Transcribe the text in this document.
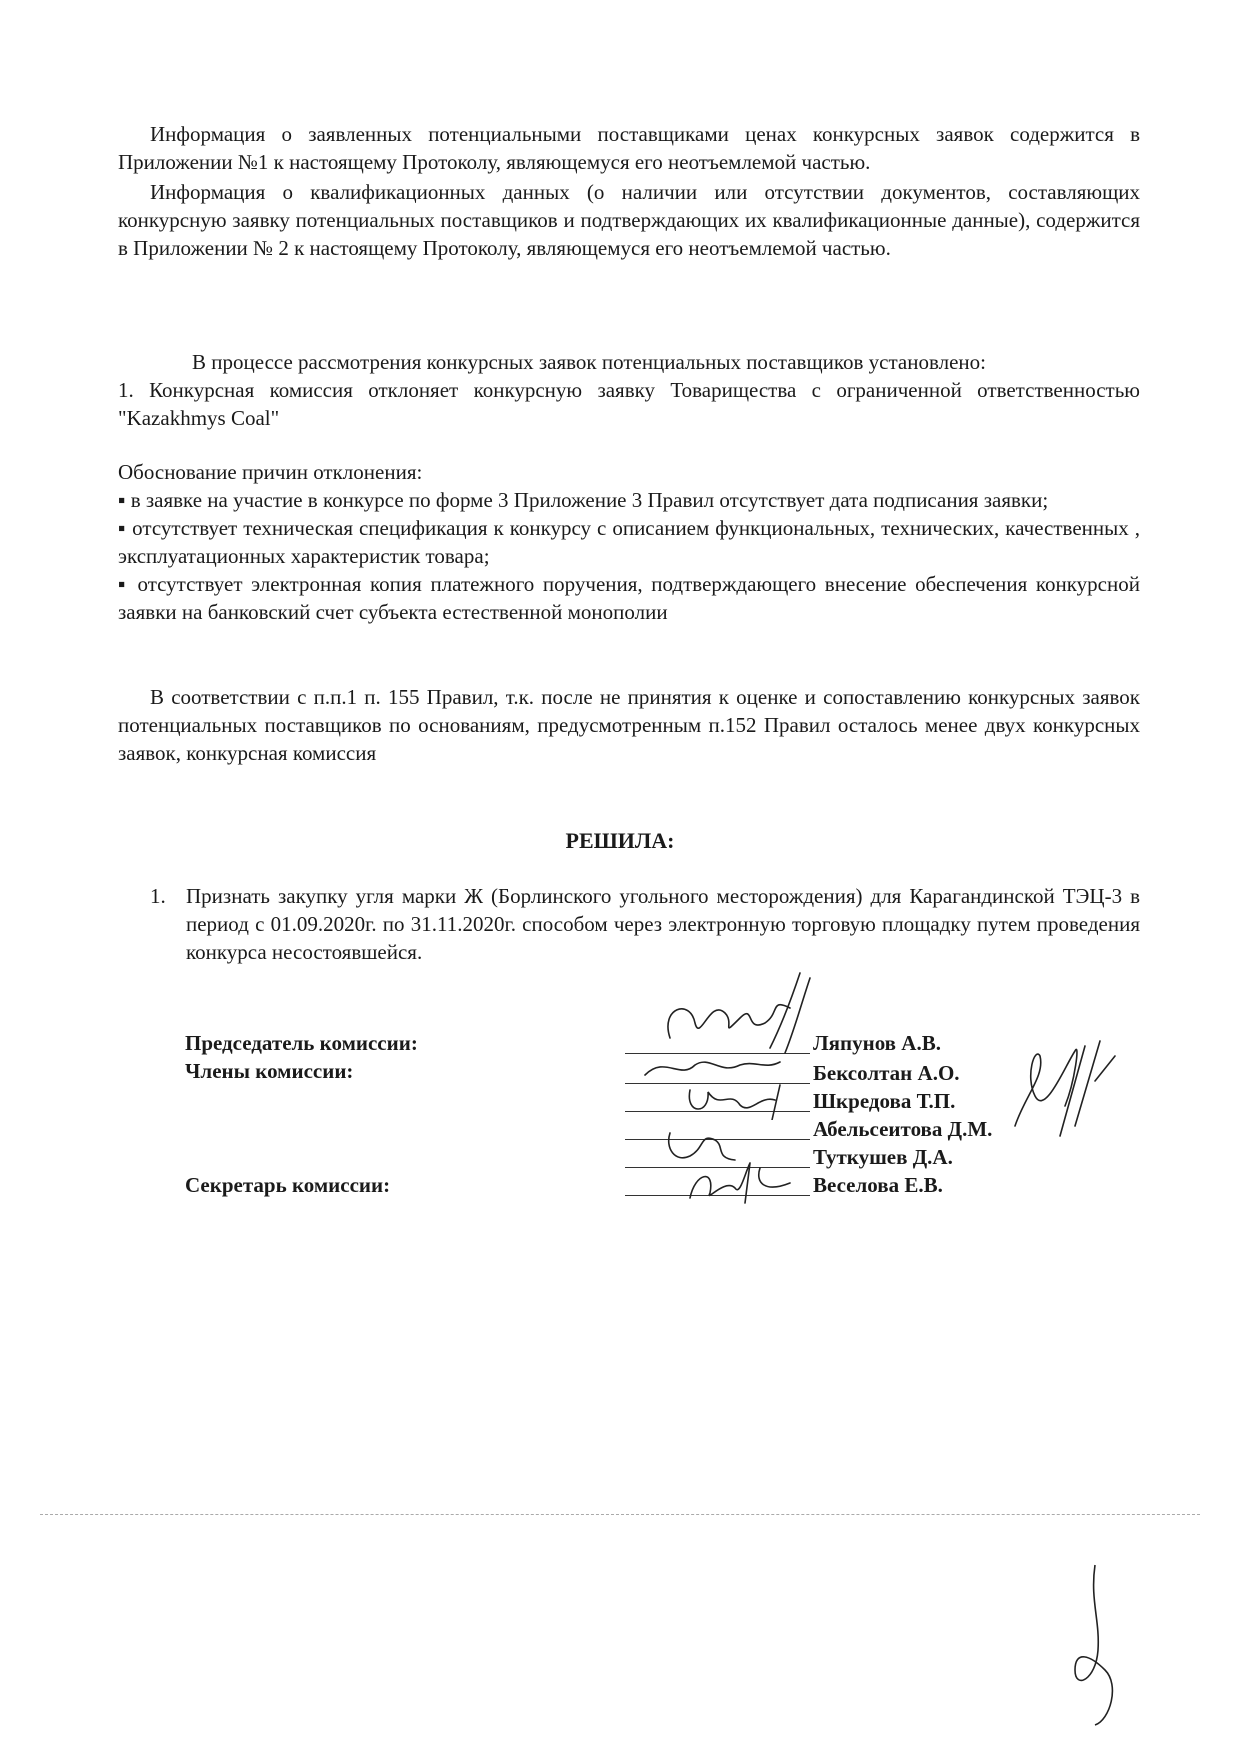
Информация о заявленных потенциальными поставщиками ценах конкурсных заявок содержится в Приложении №1 к настоящему Протоколу, являющемуся его неотъемлемой частью.

Информация о квалификационных данных (о наличии или отсутствии документов, составляющих конкурсную заявку потенциальных поставщиков и подтверждающих их квалификационные данные), содержится в Приложении № 2 к настоящему Протоколу, являющемуся его неотъемлемой частью.

В процессе рассмотрения конкурсных заявок потенциальных поставщиков установлено:

1. Конкурсная комиссия отклоняет конкурсную заявку Товарищества с ограниченной ответственностью "Kazakhmys Coal"

Обоснование причин отклонения:

▪ в заявке на участие в конкурсе по форме 3 Приложение 3 Правил отсутствует дата подписания заявки;

▪ отсутствует техническая спецификация к конкурсу с описанием функциональных, технических, качественных , эксплуатационных характеристик товара;

▪ отсутствует электронная копия платежного поручения, подтверждающего внесение обеспечения конкурсной заявки на банковский счет субъекта естественной монополии

В соответствии с п.п.1 п. 155 Правил, т.к. после не принятия к оценке и сопоставлению конкурсных заявок потенциальных поставщиков по основаниям, предусмотренным п.152 Правил осталось менее двух конкурсных заявок, конкурсная комиссия

РЕШИЛА:
1. Признать закупку угля марки Ж (Борлинского угольного месторождения) для Карагандинской ТЭЦ-3 в период с 01.09.2020г. по 31.11.2020г. способом через электронную торговую площадку путем проведения конкурса несостоявшейся.
Председатель комиссии:
Члены комиссии:
Секретарь комиссии:
Ляпунов А.В.
Бексолтан А.О.
Шкредова Т.П.
Абельсеитова Д.М.
Туткушев Д.А.
Веселова Е.В.
